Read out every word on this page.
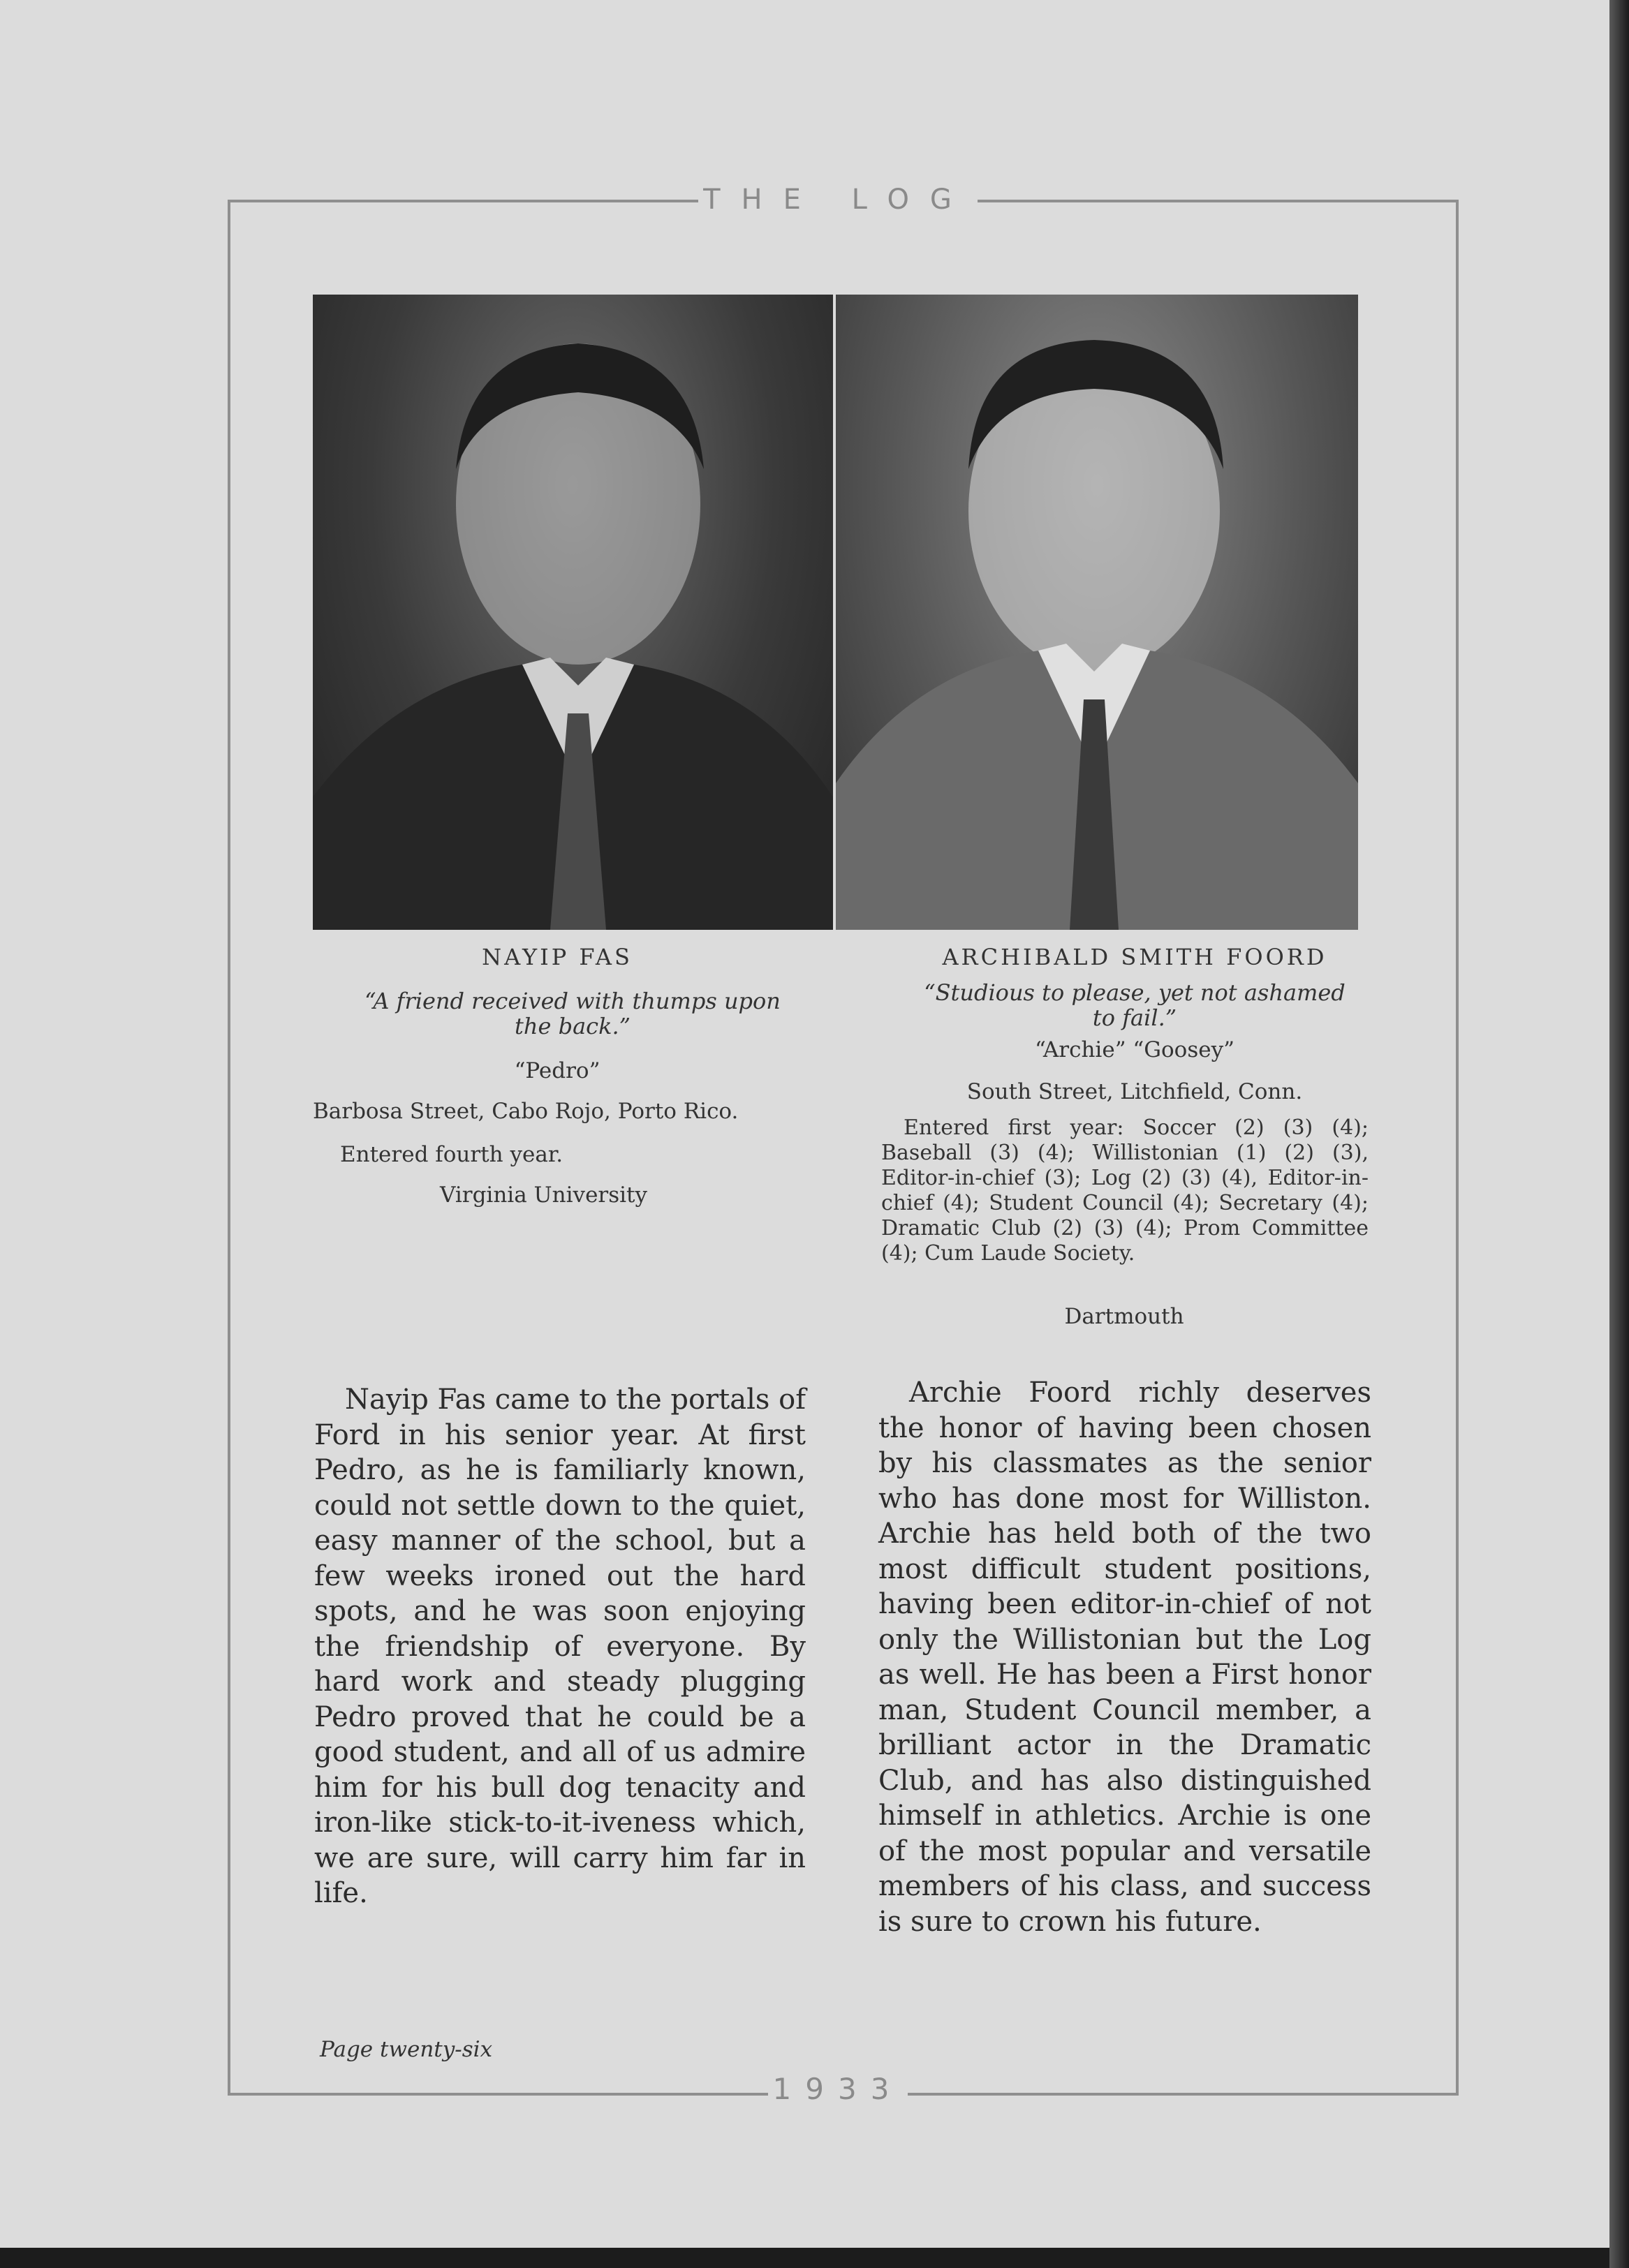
THE LOG
1933
NAYIP FAS
“A friend received with thumps upon the back.”
“Pedro”
Barbosa Street, Cabo Rojo, Porto Rico.
Entered fourth year.
Virginia University
ARCHIBALD SMITH FOORD
“Studious to please, yet not ashamed to fail.”
“Archie” “Goosey”
South Street, Litchfield, Conn.
Entered first year: Soccer (2) (3) (4); Baseball (3) (4); Willistonian (1) (2) (3), Editor-in-chief (3); Log (2) (3) (4), Editor-in-chief (4); Student Council (4); Secretary (4); Dramatic Club (2) (3) (4); Prom Committee (4); Cum Laude Society.
Dartmouth
Nayip Fas came to the portals of Ford in his senior year. At first Pedro, as he is familiarly known, could not settle down to the quiet, easy manner of the school, but a few weeks ironed out the hard spots, and he was soon enjoying the friendship of everyone. By hard work and steady plugging Pedro proved that he could be a good student, and all of us admire him for his bull dog tenacity and iron-like stick-to-it-iveness which, we are sure, will carry him far in life.
Archie Foord richly deserves the honor of having been chosen by his classmates as the senior who has done most for Williston. Archie has held both of the two most difficult student positions, having been editor-in-chief of not only the Willistonian but the Log as well. He has been a First honor man, Student Council member, a brilliant actor in the Dramatic Club, and has also distinguished himself in athletics. Archie is one of the most popular and versatile members of his class, and success is sure to crown his future.
Page twenty-six
